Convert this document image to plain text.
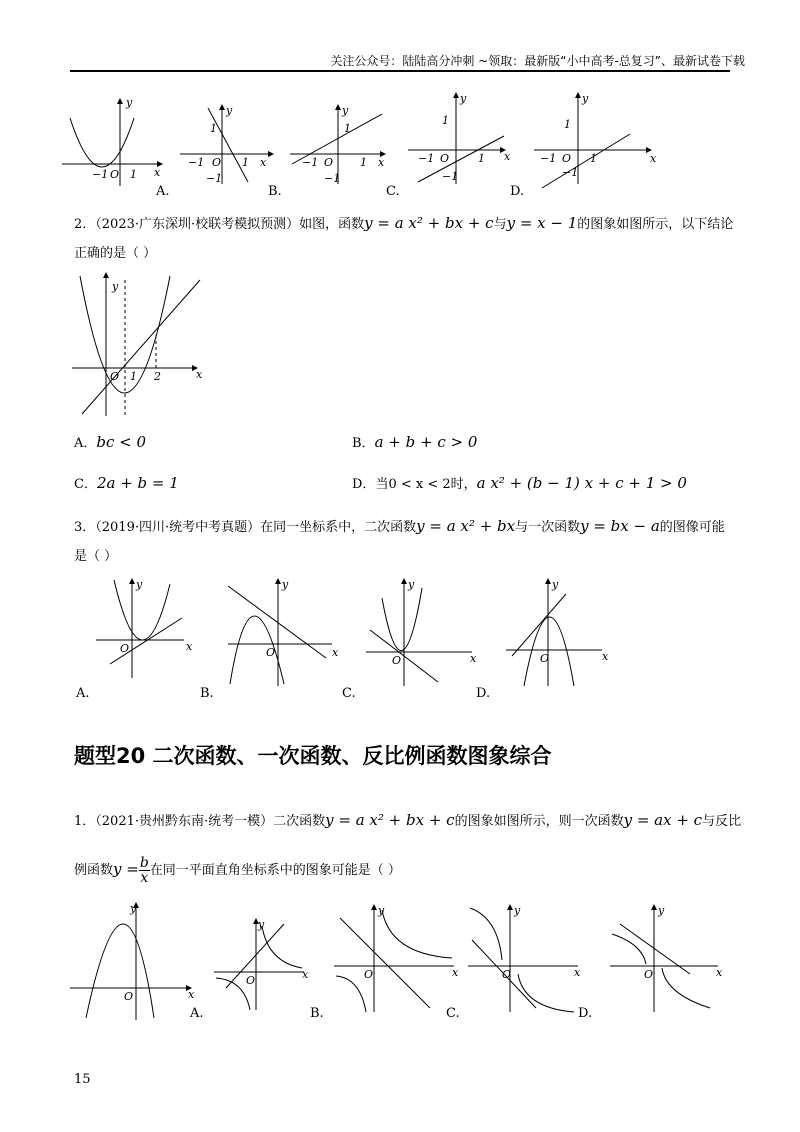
关注公众号：陆陆高分冲刺 ~领取：最新版“小中高考-总复习”、最新试卷下载
y
x
−1 O 1
A.
y
x
1
−1 O 1
−1
B.
y
x
1
−1 O 1
−1
C.
y
x
1
−1 O	1
−1
y
x
1
−1 O 1
−1
D.
2．（2023·广东深圳·校联考模拟预测）如图，函数y = a x² + bx + c与y = x − 1的图象如图所示，以下结论
正确的是（ ）
y
x
O 1 2
A．bc < 0	B．a + b + c > 0
C．2a + b = 1	D．当0 < x < 2时，a x² + (b − 1) x + c + 1 > 0
3．（2019·四川·统考中考真题）在同一坐标系中，二次函数y = a x² + bx与一次函数y = bx − a的图像可能
是（ ）
y
x
O
A.
y
x
O
B.
y
x
O
C.
y
x
O
D.
题型20 二次函数、一次函数、反比例函数图象综合
1．（2021·贵州黔东南·统考一模）二次函数y = a x² + bx + c的图象如图所示，则一次函数y = ax + c与反比
例函数$y = \frac{b}{x}$ 在同一平面直角坐标系中的图象可能是（ ）
y
x
O
y
x
O
A.
y
x
O
B.
y
x
O
C.
y
x
O
D.
15
